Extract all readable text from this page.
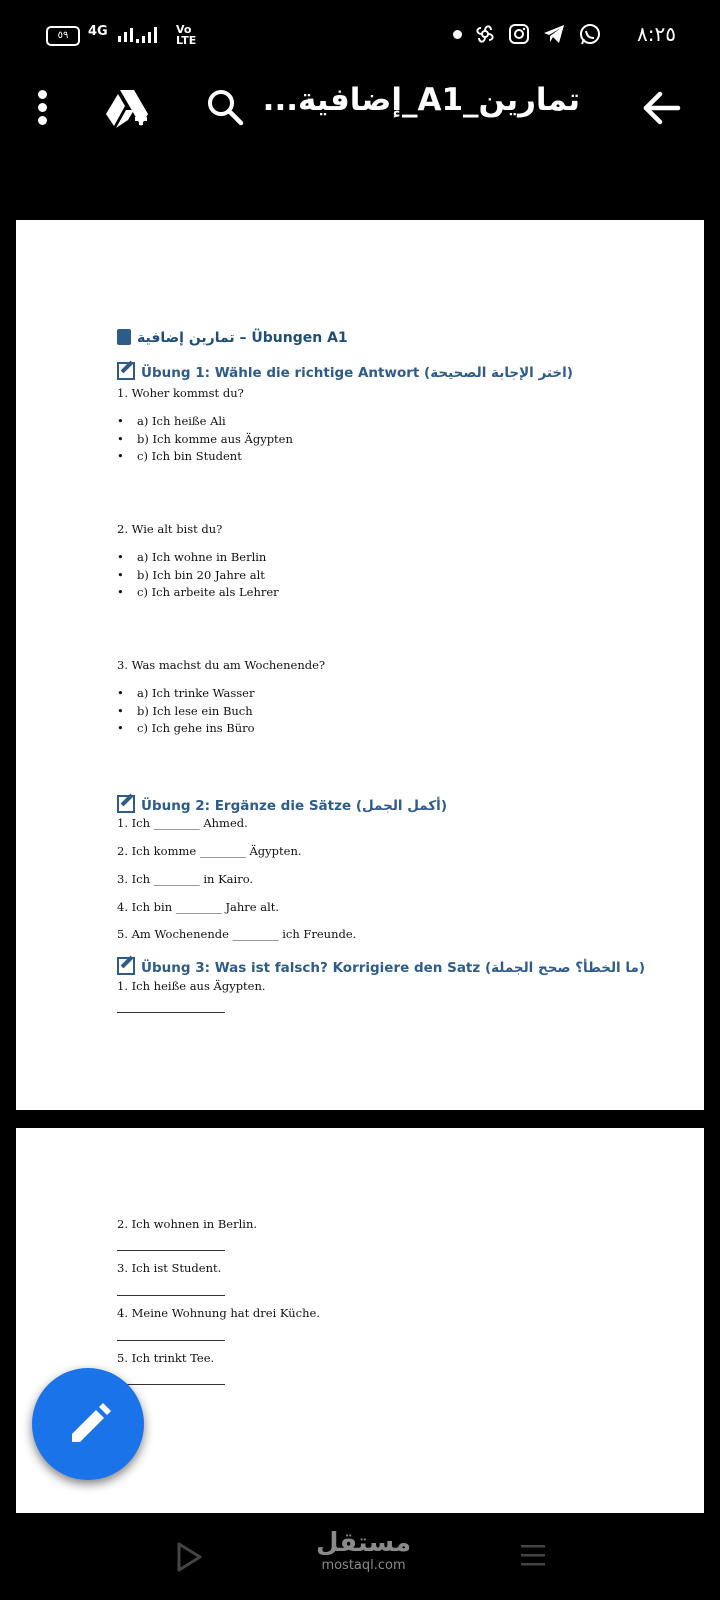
٥٩	4G	Vo LTE	٨:٢٥
تمارين_A1_إضافية...
تمارين إضافية – Übungen A1
Übung 1: Wähle die richtige Antwort (اختر الإجابة الصحيحة)
1. Woher kommst du?
• a) Ich heiße Ali
• b) Ich komme aus Ägypten
• c) Ich bin Student
2. Wie alt bist du?
• a) Ich wohne in Berlin
• b) Ich bin 20 Jahre alt
• c) Ich arbeite als Lehrer
3. Was machst du am Wochenende?
• a) Ich trinke Wasser
• b) Ich lese ein Buch
• c) Ich gehe ins Büro
Übung 2: Ergänze die Sätze (أكمل الجمل)
1. Ich ________ Ahmed.
2. Ich komme ________ Ägypten.
3. Ich ________ in Kairo.
4. Ich bin ________ Jahre alt.
5. Am Wochenende ________ ich Freunde.
Übung 3: Was ist falsch? Korrigiere den Satz (ما الخطأ؟ صحح الجملة)
1. Ich heiße aus Ägypten.
2. Ich wohnen in Berlin.
3. Ich ist Student.
4. Meine Wohnung hat drei Küche.
5. Ich trinkt Tee.
مستقل
mostaql.com
